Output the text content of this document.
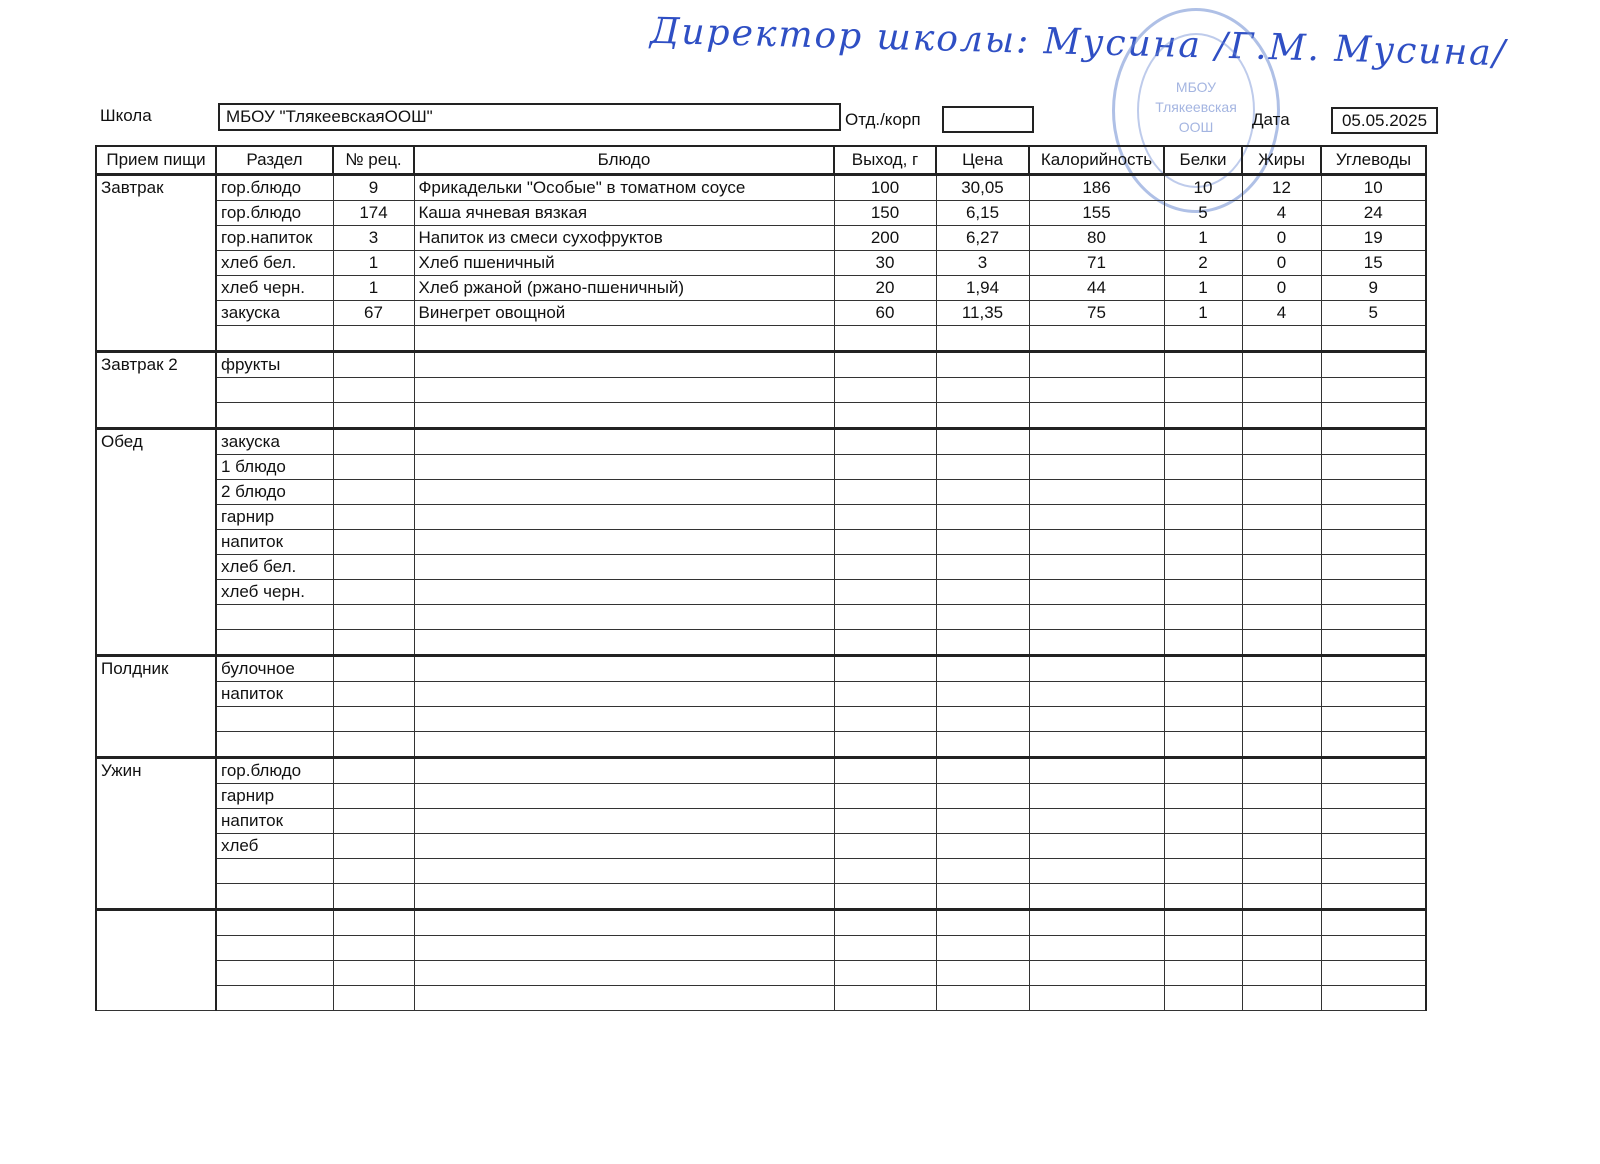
Директор школы: Мусина /Г.М. Мусина/
МБОУ
Тлякеевская
ООШ
Школа	МБОУ "ТлякеевскаяООШ"	Отд./корп	Дата	05.05.2025
Прием пищи	Раздел	№ рец.	Блюдо	Выход, г	Цена	Калорийность	Белки	Жиры	Углеводы
Завтрак	гор.блюдо	9	Фрикадельки "Особые" в томатном соусе	100	30,05	186	10	12	10
	гор.блюдо	174	Каша ячневая вязкая	150	6,15	155	5	4	24
	гор.напиток	3	Напиток из смеси сухофруктов	200	6,27	80	1	0	19
	хлеб бел.	1	Хлеб пшеничный	30	3	71	2	0	15
	хлеб черн.	1	Хлеб ржаной (ржано-пшеничный)	20	1,94	44	1	0	9
	закуска	67	Винегрет овощной	60	11,35	75	1	4	5

Завтрак 2	фрукты								

Обед	закуска								
	1 блюдо								
	2 блюдо								
	гарнир								
	напиток								
	хлеб бел.								
	хлеб черн.								

Полдник	булочное								
	напиток								

Ужин	гор.блюдо								
	гарнир								
	напиток								
	хлеб								
